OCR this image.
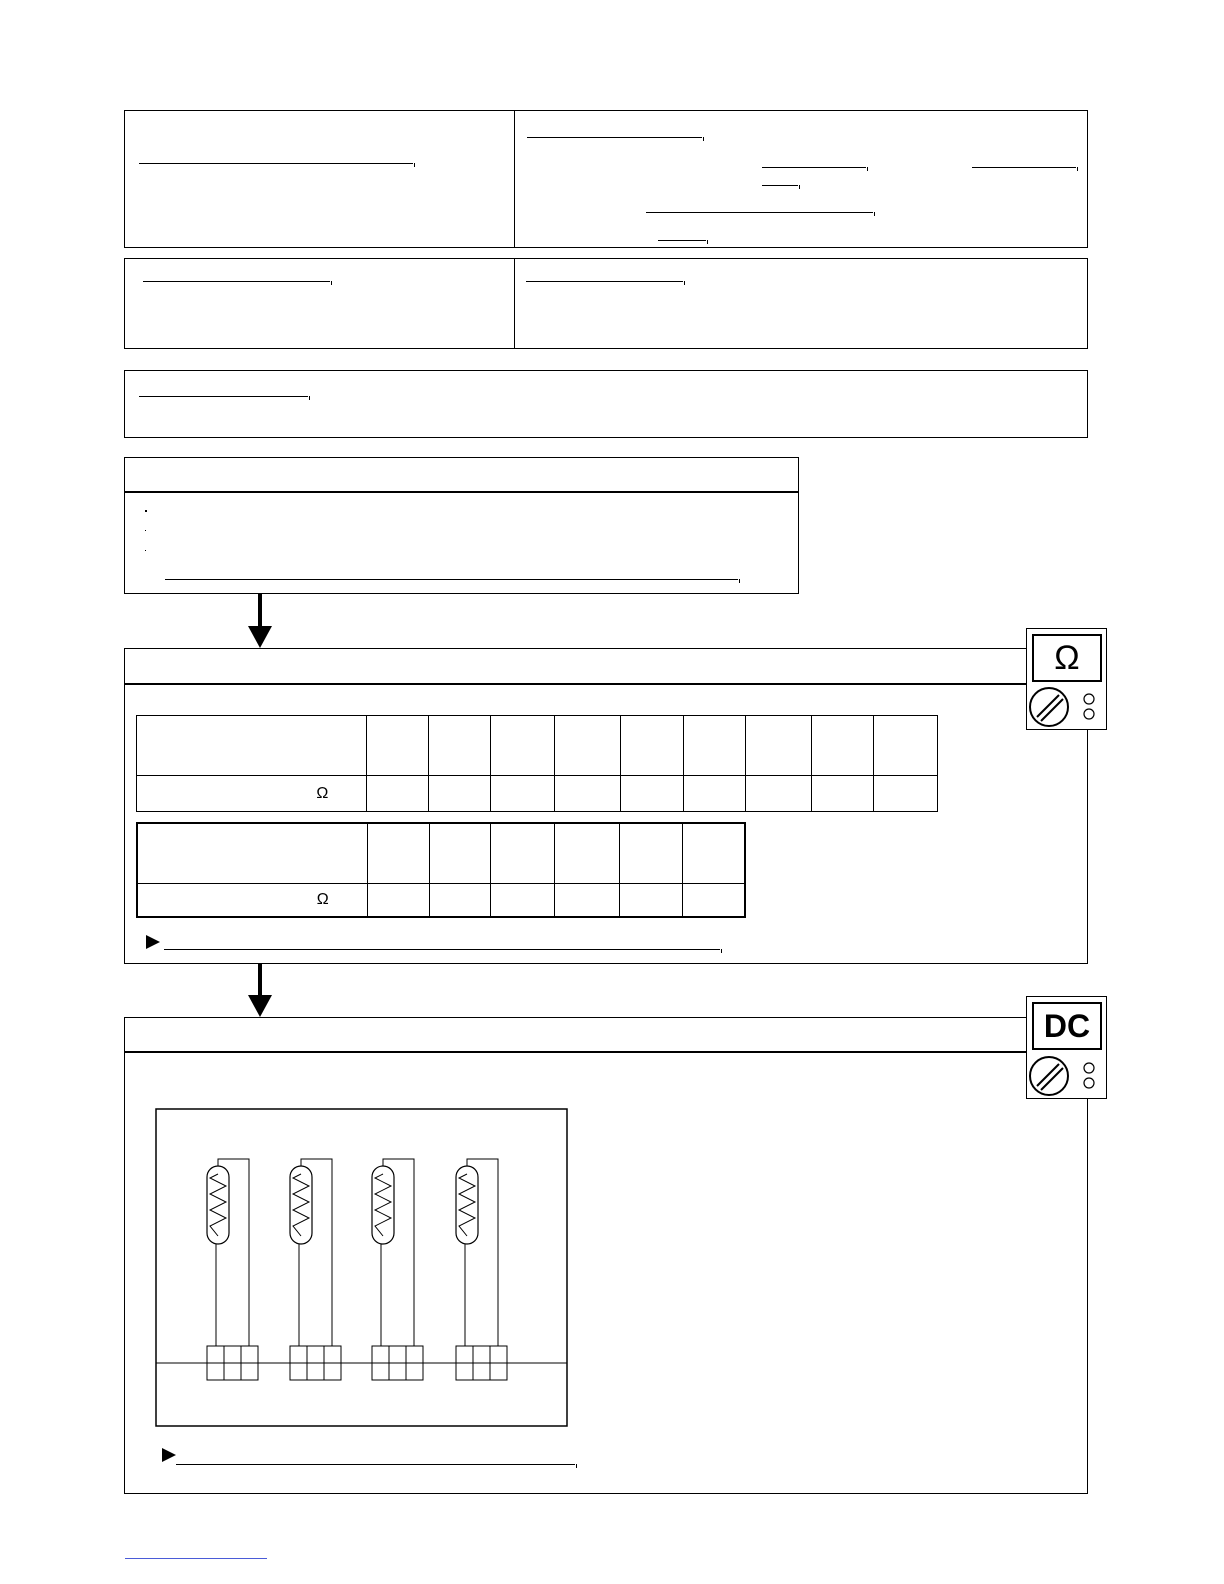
Ω									

Ω						
Ω
DC
